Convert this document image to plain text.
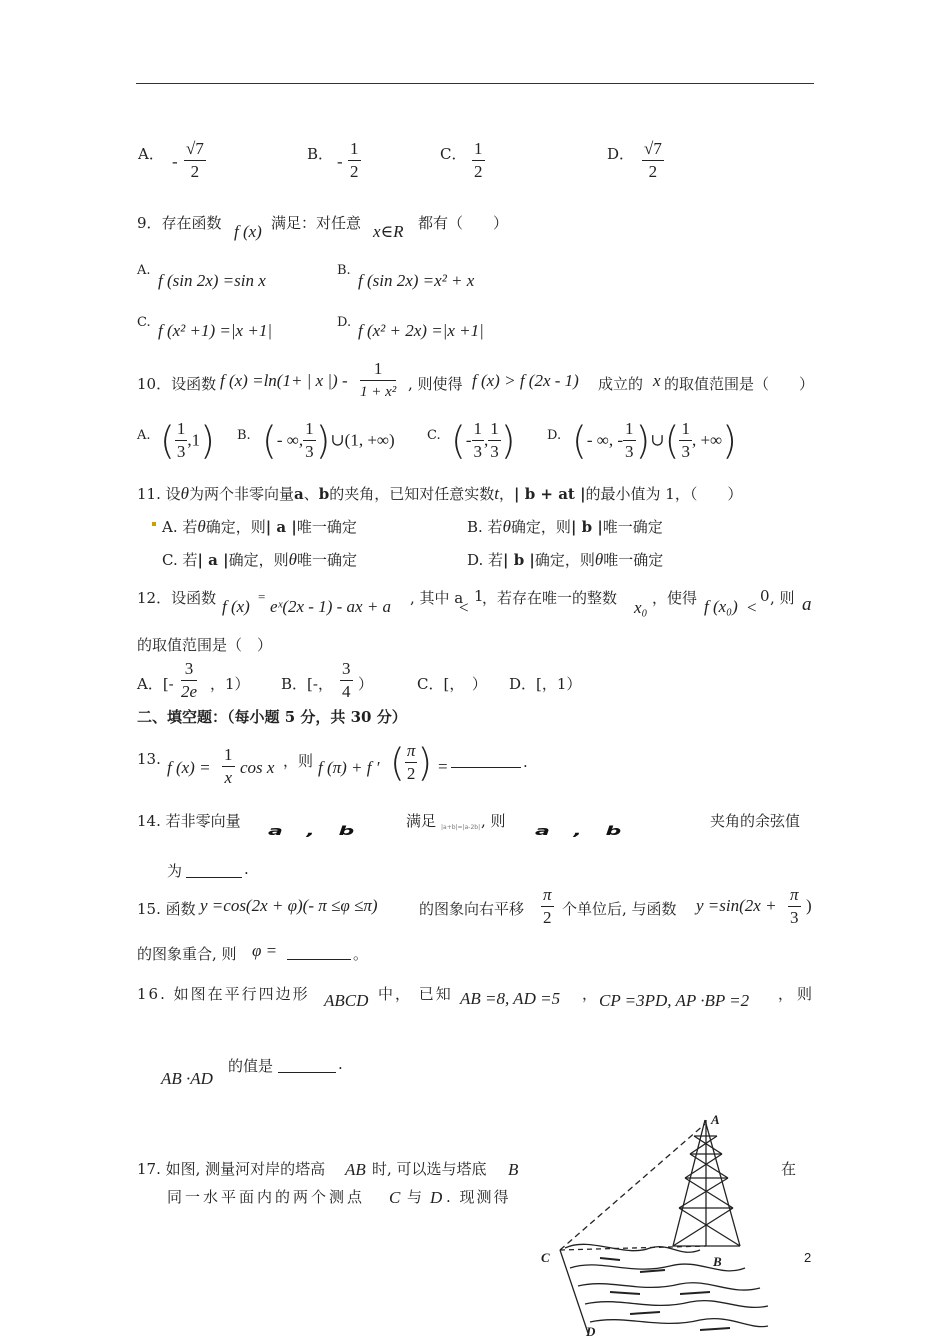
A． - $\frac{√7}{2}$	B． - $\frac{1}{2}$	C． $\frac{1}{2}$	D． $\frac{√7}{2}$
9．存在函数 f (x) 满足：对任意 x∈R 都有（　　）
A.
f (sin 2x) =sin x
B.
f (sin 2x) =x² + x
C. f (x² +1) =|x +1|	D. f (x² + 2x) =|x +1|
10．设函数 f (x) =ln(1+ | x |) - $\frac{1}{\text{1 + x²}}$ , 则使得 f (x) > f (2x - 1) 成立的 x 的取值范围是（　　）
A. ( $\frac{1}{3} ,1$) B. (- ∞, $\frac{1}{3}$ )∪(1, +∞) C. (- $\frac{1}{3}$ , $\frac{1}{3}$ ) D. (- ∞, - $\frac{1}{3}$ )∪( $\frac{1}{3}$ , +∞)
11. 设θ为两个非零向量a、b的夹角，已知对任意实数t，| b + at |的最小值为 1，（　　）
A. 若θ确定，则| a |唯一确定	B. 若θ确定，则| b |唯一确定
C. 若| a |确定，则θ唯一确定	D. 若| b |确定，则θ唯一确定
12．设函数 f (x)
=
eˣ(2x - 1) - ax + a , 其中 a
<
1
，若存在唯一的整数 x₀ ，使得 f (x₀) <
0 , 则 a
的取值范围是（　）
A．[- $\frac{3}{2e}$ ，1） B．[-， $\frac{3}{4}$ ）	C．[，　） D．[，1）
二、填空题：（每小题 5 分，共 30 分）
13. f $(x) = \frac{1}{x}$ cos x ，则 f (π) + f ′ ( $\frac{\pi}{2}$ ) =	.
14. 若非零向量
a , b
满足 |a+b|=|a-2b| , 则
a , b
夹角的余弦值
为	.
15. 函数 y =cos(2x + φ)(- π ≤φ ≤π)	的图象向右平移 $\frac{\pi}{2}$ 个单位后, 与函数 $y =\sin(2x + \frac{\pi}{3}$ )
的图象重合, 则 φ =	。
16. 如图在平行四边形 ABCD 中， 已知 AB =8, AD =5 ， CP =3PD, AP ·BP =2 ， 则
AB ·AD
的值是	.
17. 如图, 测量河对岸的塔高 AB 时, 可以选与塔底 B	在
同一水平面内的两个测点 C 与 D . 现测得
A
B
C
D
2
